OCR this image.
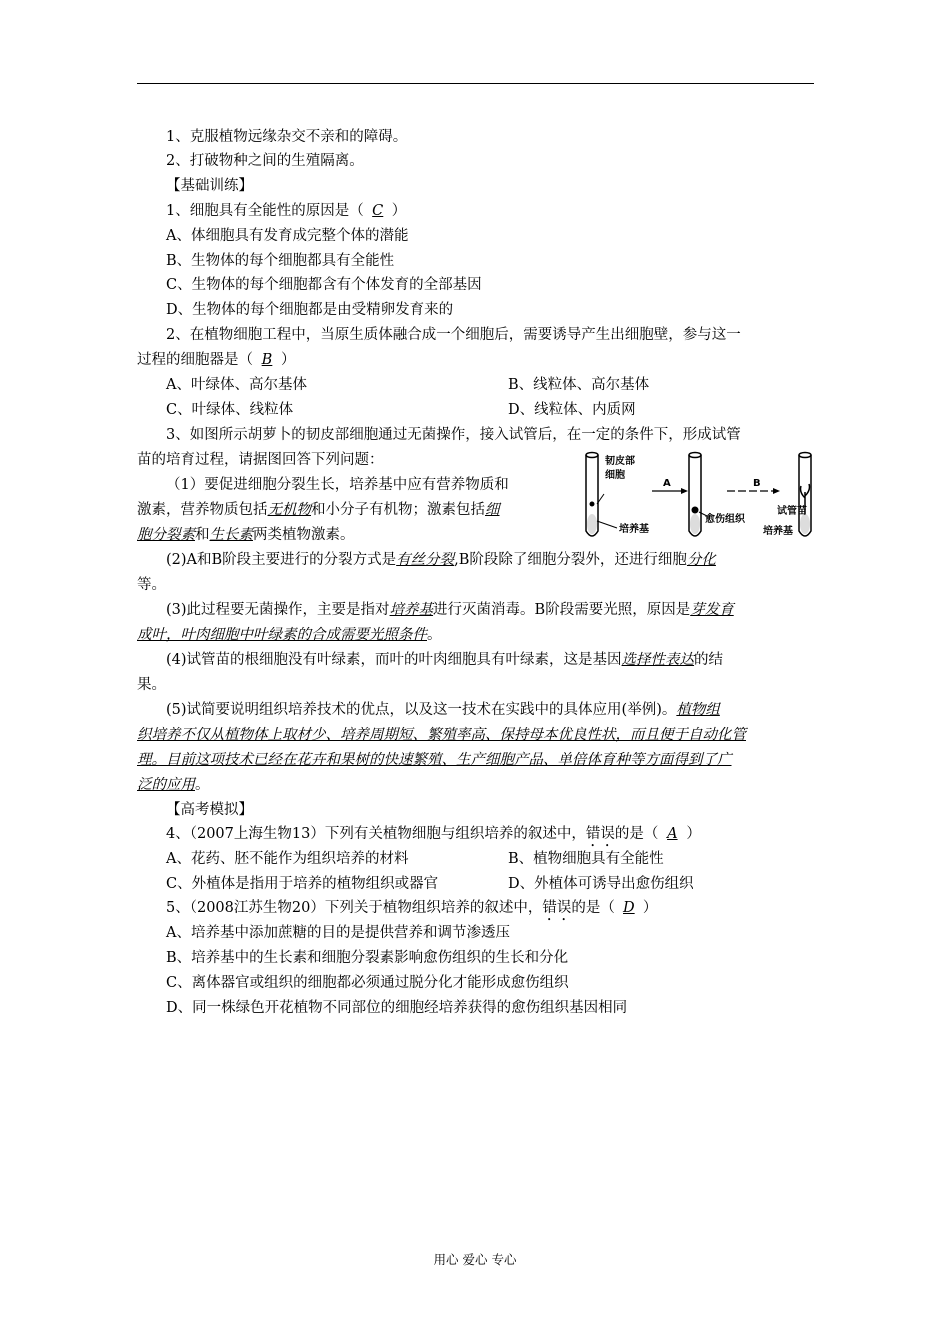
1、克服植物远缘杂交不亲和的障碍。
2、打破物种之间的生殖隔离。
【基础训练】
1、细胞具有全能性的原因是（ C ）
A、体细胞具有发育成完整个体的潜能
B、生物体的每个细胞都具有全能性
C、生物体的每个细胞都含有个体发育的全部基因
D、生物体的每个细胞都是由受精卵发育来的
2、在植物细胞工程中，当原生质体融合成一个细胞后，需要诱导产生出细胞壁，参与这一
过程的细胞器是（ B ）
A、叶绿体、高尔基体	B、线粒体、高尔基体
C、叶绿体、线粒体	D、线粒体、内质网
3、如图所示胡萝卜的韧皮部细胞通过无菌操作，接入试管后，在一定的条件下，形成试管
苗的培育过程，请据图回答下列问题：
（1）要促进细胞分裂生长，培养基中应有营养物质和
激素，营养物质包括无机物和小分子有机物；激素包括细
胞分裂素和生长素两类植物激素。
韧皮部
细胞
培养基
A
愈伤组织
B
培养基
试管苗
(2)A和B阶段主要进行的分裂方式是有丝分裂,B阶段除了细胞分裂外，还进行细胞分化
等。
(3)此过程要无菌操作，主要是指对培养基进行灭菌消毒。B阶段需要光照，原因是芽发育
成叶，叶肉细胞中叶绿素的合成需要光照条件。
(4)试管苗的根细胞没有叶绿素，而叶的叶肉细胞具有叶绿素，这是基因选择性表达的结
果。
(5)试简要说明组织培养技术的优点，以及这一技术在实践中的具体应用(举例)。植物组
织培养不仅从植物体上取材少、培养周期短、繁殖率高、保持母本优良性状，而且便于自动化管
理。目前这项技术已经在花卉和果树的快速繁殖、生产细胞产品、单倍体育种等方面得到了广
泛的应用。
【高考模拟】
4、（2007上海生物13）下列有关植物细胞与组织培养的叙述中，错误的是（ A ）
A、花药、胚不能作为组织培养的材料	B、植物细胞具有全能性
C、外植体是指用于培养的植物组织或器官	D、外植体可诱导出愈伤组织
5、（2008江苏生物20）下列关于植物组织培养的叙述中，错误的是（ D ）
A、培养基中添加蔗糖的目的是提供营养和调节渗透压
B、培养基中的生长素和细胞分裂素影响愈伤组织的生长和分化
C、离体器官或组织的细胞都必须通过脱分化才能形成愈伤组织
D、同一株绿色开花植物不同部位的细胞经培养获得的愈伤组织基因相同
用心 爱心 专心
